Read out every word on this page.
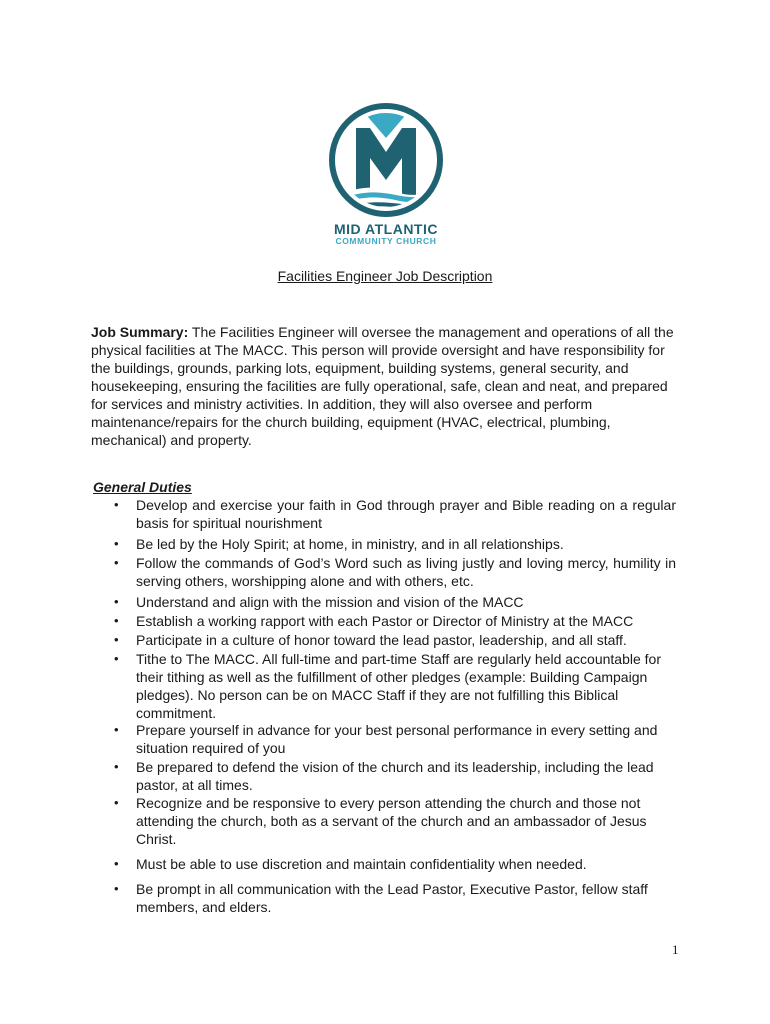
MID ATLANTIC
COMMUNITY CHURCH
Facilities Engineer Job Description

Job Summary: The Facilities Engineer will oversee the management and operations of all the physical facilities at The MACC. This person will provide oversight and have responsibility for the buildings, grounds, parking lots, equipment, building systems, general security, and housekeeping, ensuring the facilities are fully operational, safe, clean and neat, and prepared for services and ministry activities. In addition, they will also oversee and perform maintenance/repairs for the church building, equipment (HVAC, electrical, plumbing, mechanical) and property.

General Duties
• Develop and exercise your faith in God through prayer and Bible reading on a regular basis for spiritual nourishment
• Be led by the Holy Spirit; at home, in ministry, and in all relationships.
• Follow the commands of God’s Word such as living justly and loving mercy, humility in serving others, worshipping alone and with others, etc.
• Understand and align with the mission and vision of the MACC
• Establish a working rapport with each Pastor or Director of Ministry at the MACC
• Participate in a culture of honor toward the lead pastor, leadership, and all staff.
• Tithe to The MACC. All full-time and part-time Staff are regularly held accountable for their tithing as well as the fulfillment of other pledges (example: Building Campaign pledges). No person can be on MACC Staff if they are not fulfilling this Biblical commitment.
• Prepare yourself in advance for your best personal performance in every setting and situation required of you
• Be prepared to defend the vision of the church and its leadership, including the lead pastor, at all times.
• Recognize and be responsive to every person attending the church and those not attending the church, both as a servant of the church and an ambassador of Jesus Christ.
• Must be able to use discretion and maintain confidentiality when needed.
• Be prompt in all communication with the Lead Pastor, Executive Pastor, fellow staff members, and elders.
1
